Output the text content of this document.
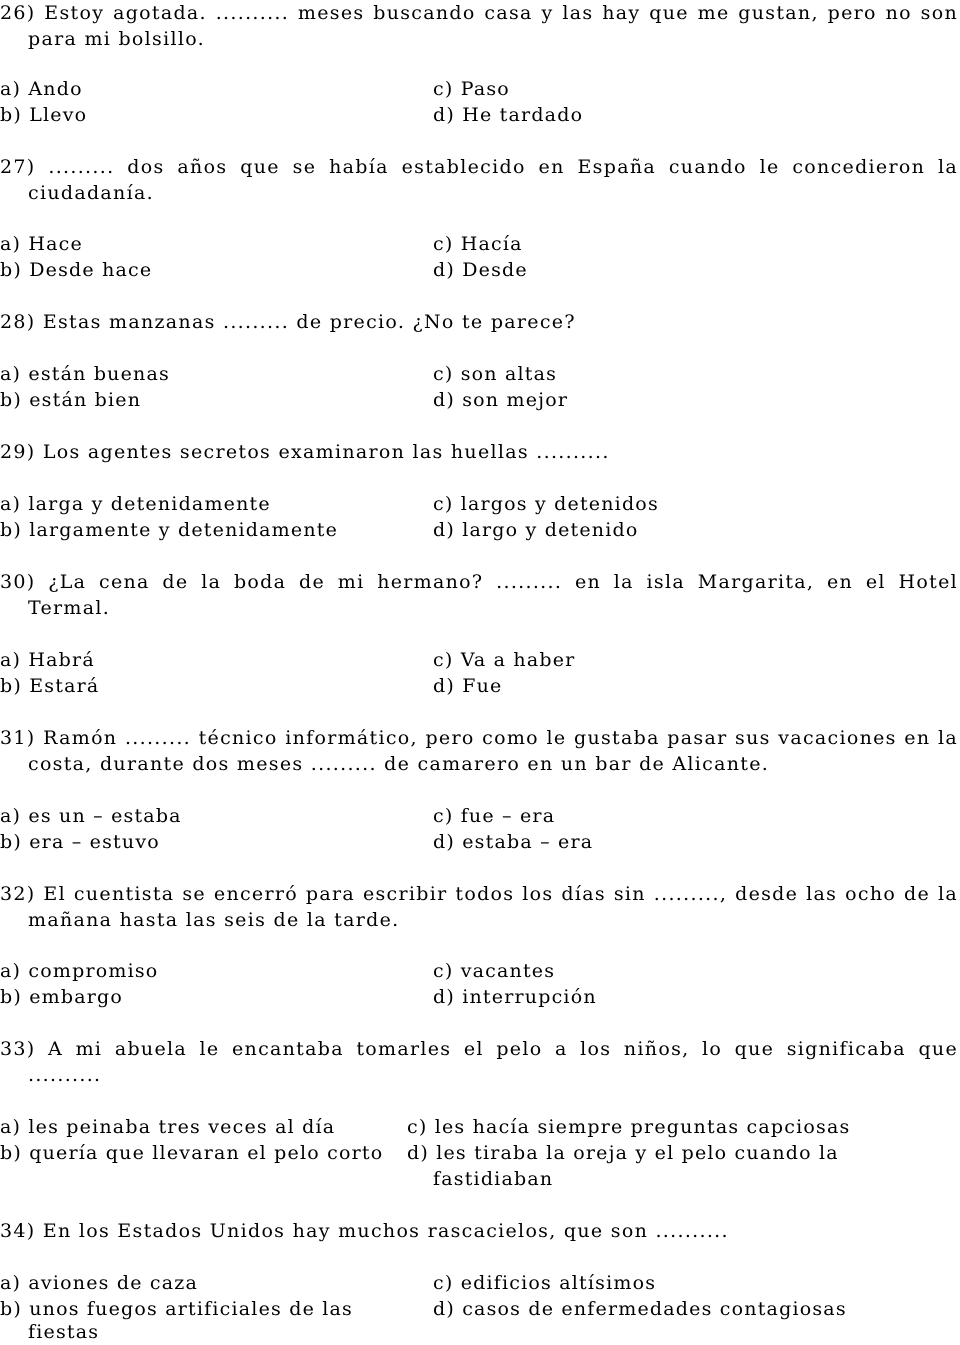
26) Estoy agotada. .......... meses buscando casa y las hay que me gustan, pero no son
para mi bolsillo.
a) Ando	c) Paso
b) Llevo	d) He tardado
27) ......... dos años que se había establecido en España cuando le concedieron la
ciudadanía.
a) Hace	c) Hacía
b) Desde hace	d) Desde
28) Estas manzanas ......... de precio. ¿No te parece?
a) están buenas	c) son altas
b) están bien	d) son mejor
29) Los agentes secretos examinaron las huellas ..........
a) larga y detenidamente	c) largos y detenidos
b) largamente y detenidamente	d) largo y detenido
30) ¿La cena de la boda de mi hermano? ......... en la isla Margarita, en el Hotel
Termal.
a) Habrá	c) Va a haber
b) Estará	d) Fue
31) Ramón ......... técnico informático, pero como le gustaba pasar sus vacaciones en la
costa, durante dos meses ......... de camarero en un bar de Alicante.
a) es un – estaba	c) fue – era
b) era – estuvo	d) estaba – era
32) El cuentista se encerró para escribir todos los días sin ........., desde las ocho de la
mañana hasta las seis de la tarde.
a) compromiso	c) vacantes
b) embargo	d) interrupción
33) A mi abuela le encantaba tomarles el pelo a los niños, lo que significaba que
..........
a) les peinaba tres veces al día	c) les hacía siempre preguntas capciosas
b) quería que llevaran el pelo corto d) les tiraba la oreja y el pelo cuando la
fastidiaban
34) En los Estados Unidos hay muchos rascacielos, que son ..........
a) aviones de caza	c) edificios altísimos
b) unos fuegos artificiales de las	d) casos de enfermedades contagiosas
fiestas
